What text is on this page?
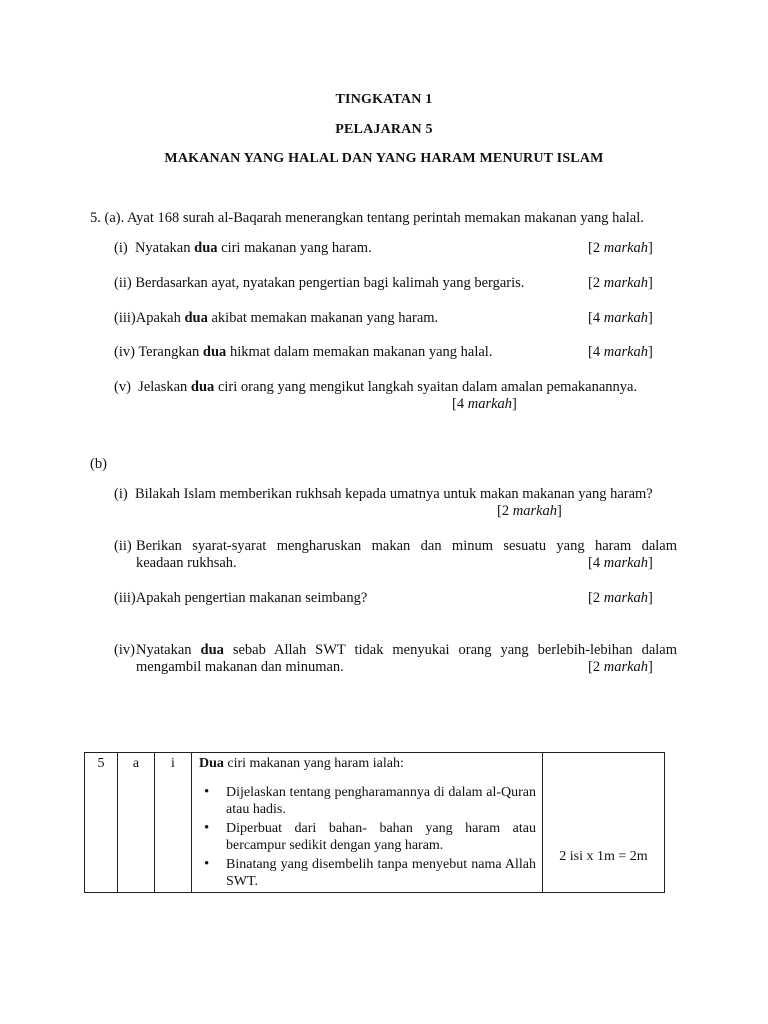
TINGKATAN 1
PELAJARAN 5
MAKANAN YANG HALAL DAN YANG HARAM MENURUT ISLAM
5. (a). Ayat 168 surah al-Baqarah menerangkan tentang perintah memakan makanan yang halal.
(i) Nyatakan dua ciri makanan yang haram.	[2 markah]
(ii) Berdasarkan ayat, nyatakan pengertian bagi kalimah yang bergaris.	[2 markah]
(iii)Apakah dua akibat memakan makanan yang haram.	[4 markah]
(iv) Terangkan dua hikmat dalam memakan makanan yang halal.	[4 markah]
(v) Jelaskan dua ciri orang yang mengikut langkah syaitan dalam amalan pemakanannya.
[4 markah]
(b)
(i) Bilakah Islam memberikan rukhsah kepada umatnya untuk makan makanan yang haram?
[2 markah]
(ii) Berikan syarat-syarat mengharuskan makan dan minum sesuatu yang haram dalam
keadaan rukhsah.	[4 markah]
(iii)Apakah pengertian makanan seimbang?	[2 markah]
(iv) Nyatakan dua sebab Allah SWT tidak menyukai orang yang berlebih-lebihan dalam
mengambil makanan dan minuman.	[2 markah]
5	a	i	Dua ciri makanan yang haram ialah:
• Dijelaskan tentang pengharamannya di dalam al-Quran atau hadis.
• Diperbuat dari bahan- bahan yang haram atau bercampur sedikit dengan yang haram.
• Binatang yang disembelih tanpa menyebut nama Allah SWT.
	2 isi x 1m = 2m
